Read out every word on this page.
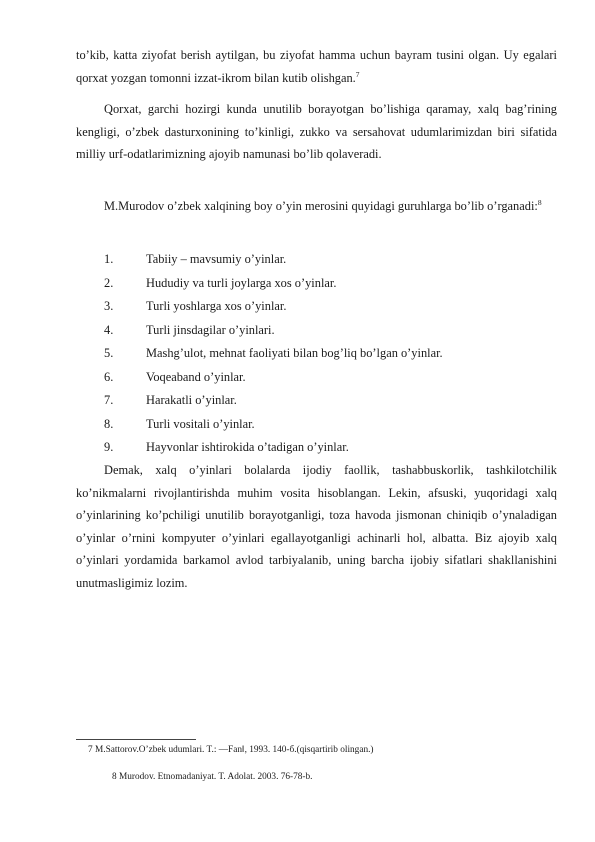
to’kib, katta ziyofat berish aytilgan, bu ziyofat hamma uchun bayram tusini olgan. Uy egalari qorxat yozgan tomonni izzat-ikrom bilan kutib olishgan.$^7$

Qorxat, garchi hozirgi kunda unutilib borayotgan bo’lishiga qaramay, xalq bag’rining kengligi, o’zbek dasturxonining to’kinligi, zukko va sersahovat udumlarimizdan biri sifatida milliy urf-odatlarimizning ajoyib namunasi bo’lib qolaveradi.

M.Murodov o’zbek xalqining boy o’yin merosini quyidagi guruhlarga bo’lib o’rganadi:$^8$

1.	Tabiiy – mavsumiy o’yinlar.
2.	Hududiy va turli joylarga xos o’yinlar.
3.	Turli yoshlarga xos o’yinlar.
4.	Turli jinsdagilar o’yinlari.
5.	Mashg’ulot, mehnat faoliyati bilan bog’liq bo’lgan o’yinlar.
6.	Voqeaband o’yinlar.
7.	Harakatli o’yinlar.
8.	Turli vositali o’yinlar.
9.	Hayvonlar ishtirokida o’tadigan o’yinlar.

Demak, xalq o’yinlari bolalarda ijodiy faollik, tashabbuskorlik, tashkilotchilik ko’nikmalarni rivojlantirishda muhim vosita hisoblangan. Lekin, afsuski, yuqoridagi xalq o’yinlarining ko’pchiligi unutilib borayotganligi, toza havoda jismonan chiniqib o’ynaladigan o’yinlar o’rnini kompyuter o’yinlari egallayotganligi achinarli hol, albatta. Biz ajoyib xalq o’yinlari yordamida barkamol avlod tarbiyalanib, uning barcha ijobiy sifatlari shakllanishini unutmasligimiz lozim.

7 M.Sattorov.O’zbek udumlari. T.: —Fan‖, 1993. 140-б.(qisqartirib olingan.)
8 Murodov. Etnomadaniyat. T. Adolat. 2003. 76-78-b.
